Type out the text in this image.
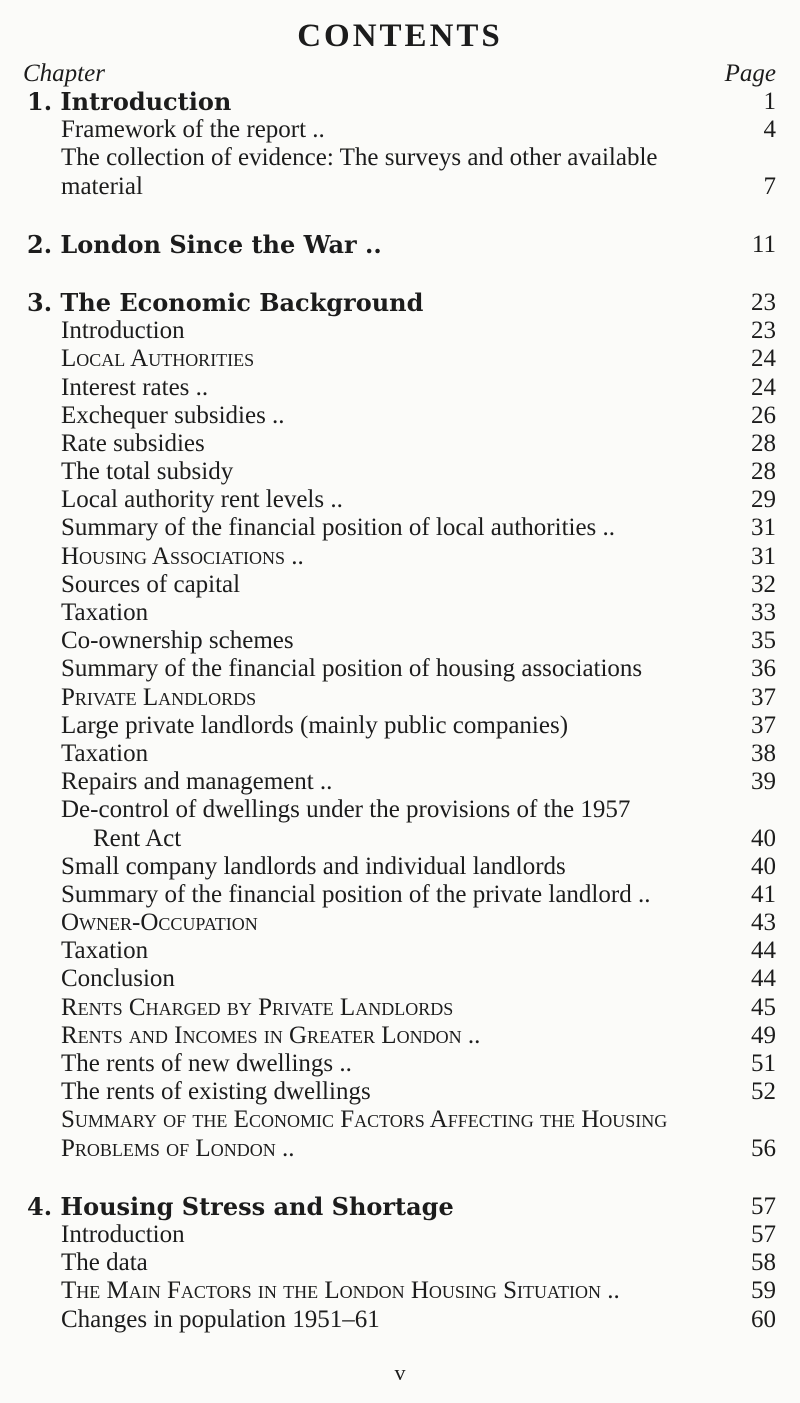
CONTENTS
Chapter	Page
1. Introduction	1
Framework of the report ..	4
The collection of evidence: The surveys and other available
material	7
2. London Since the War ..	11
3. The Economic Background	23
Introduction	23
Local Authorities	24
Interest rates ..	24
Exchequer subsidies ..	26
Rate subsidies	28
The total subsidy	28
Local authority rent levels ..	29
Summary of the financial position of local authorities ..	31
Housing Associations ..	31
Sources of capital	32
Taxation	33
Co-ownership schemes	35
Summary of the financial position of housing associations	36
Private Landlords	37
Large private landlords (mainly public companies)	37
Taxation	38
Repairs and management ..	39
De-control of dwellings under the provisions of the 1957
Rent Act	40
Small company landlords and individual landlords	40
Summary of the financial position of the private landlord ..	41
Owner-Occupation	43
Taxation	44
Conclusion	44
Rents Charged by Private Landlords	45
Rents and Incomes in Greater London ..	49
The rents of new dwellings ..	51
The rents of existing dwellings	52
Summary of the Economic Factors Affecting the Housing
Problems of London ..	56
4. Housing Stress and Shortage	57
Introduction	57
The data	58
The Main Factors in the London Housing Situation ..	59
Changes in population 1951–61	60
v
